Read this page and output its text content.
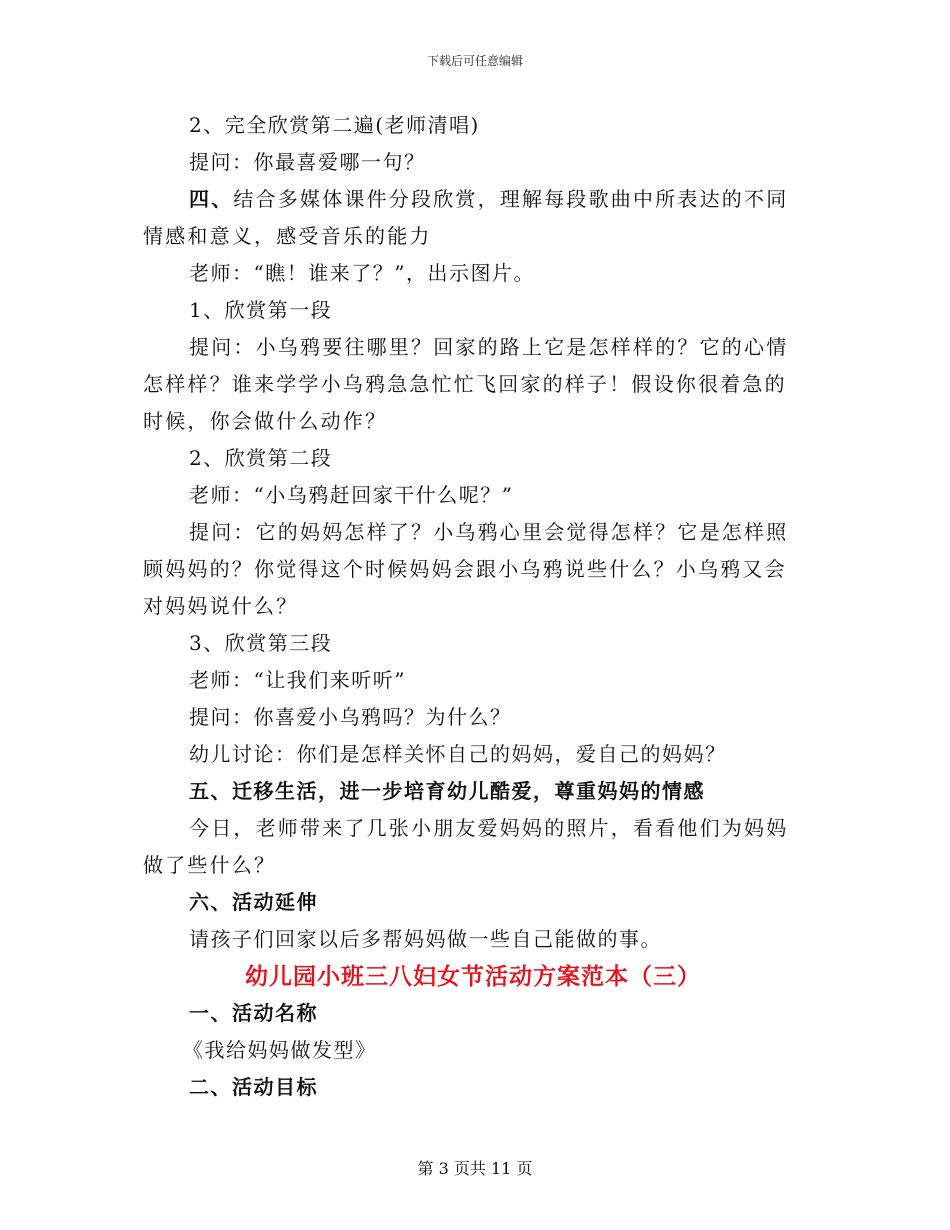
下载后可任意编辑

2、完全欣赏第二遍(老师清唱)

提问：你最喜爱哪一句？

四、结合多媒体课件分段欣赏，理解每段歌曲中所表达的不同情感和意义，感受音乐的能力

老师：“瞧！谁来了？”，出示图片。

1、欣赏第一段

提问：小乌鸦要往哪里？回家的路上它是怎样样的？它的心情怎样样？谁来学学小乌鸦急急忙忙飞回家的样子！假设你很着急的时候，你会做什么动作？

2、欣赏第二段

老师：“小乌鸦赶回家干什么呢？”

提问：它的妈妈怎样了？小乌鸦心里会觉得怎样？它是怎样照顾妈妈的？你觉得这个时候妈妈会跟小乌鸦说些什么？小乌鸦又会对妈妈说什么？

3、欣赏第三段

老师：“让我们来听听”

提问：你喜爱小乌鸦吗？为什么？

幼儿讨论：你们是怎样关怀自己的妈妈，爱自己的妈妈？

五、迁移生活，进一步培育幼儿酷爱，尊重妈妈的情感

今日，老师带来了几张小朋友爱妈妈的照片，看看他们为妈妈做了些什么？

六、活动延伸

请孩子们回家以后多帮妈妈做一些自己能做的事。

幼儿园小班三八妇女节活动方案范本（三）

一、活动名称

《我给妈妈做发型》

二、活动目标

第 3 页共 11 页
